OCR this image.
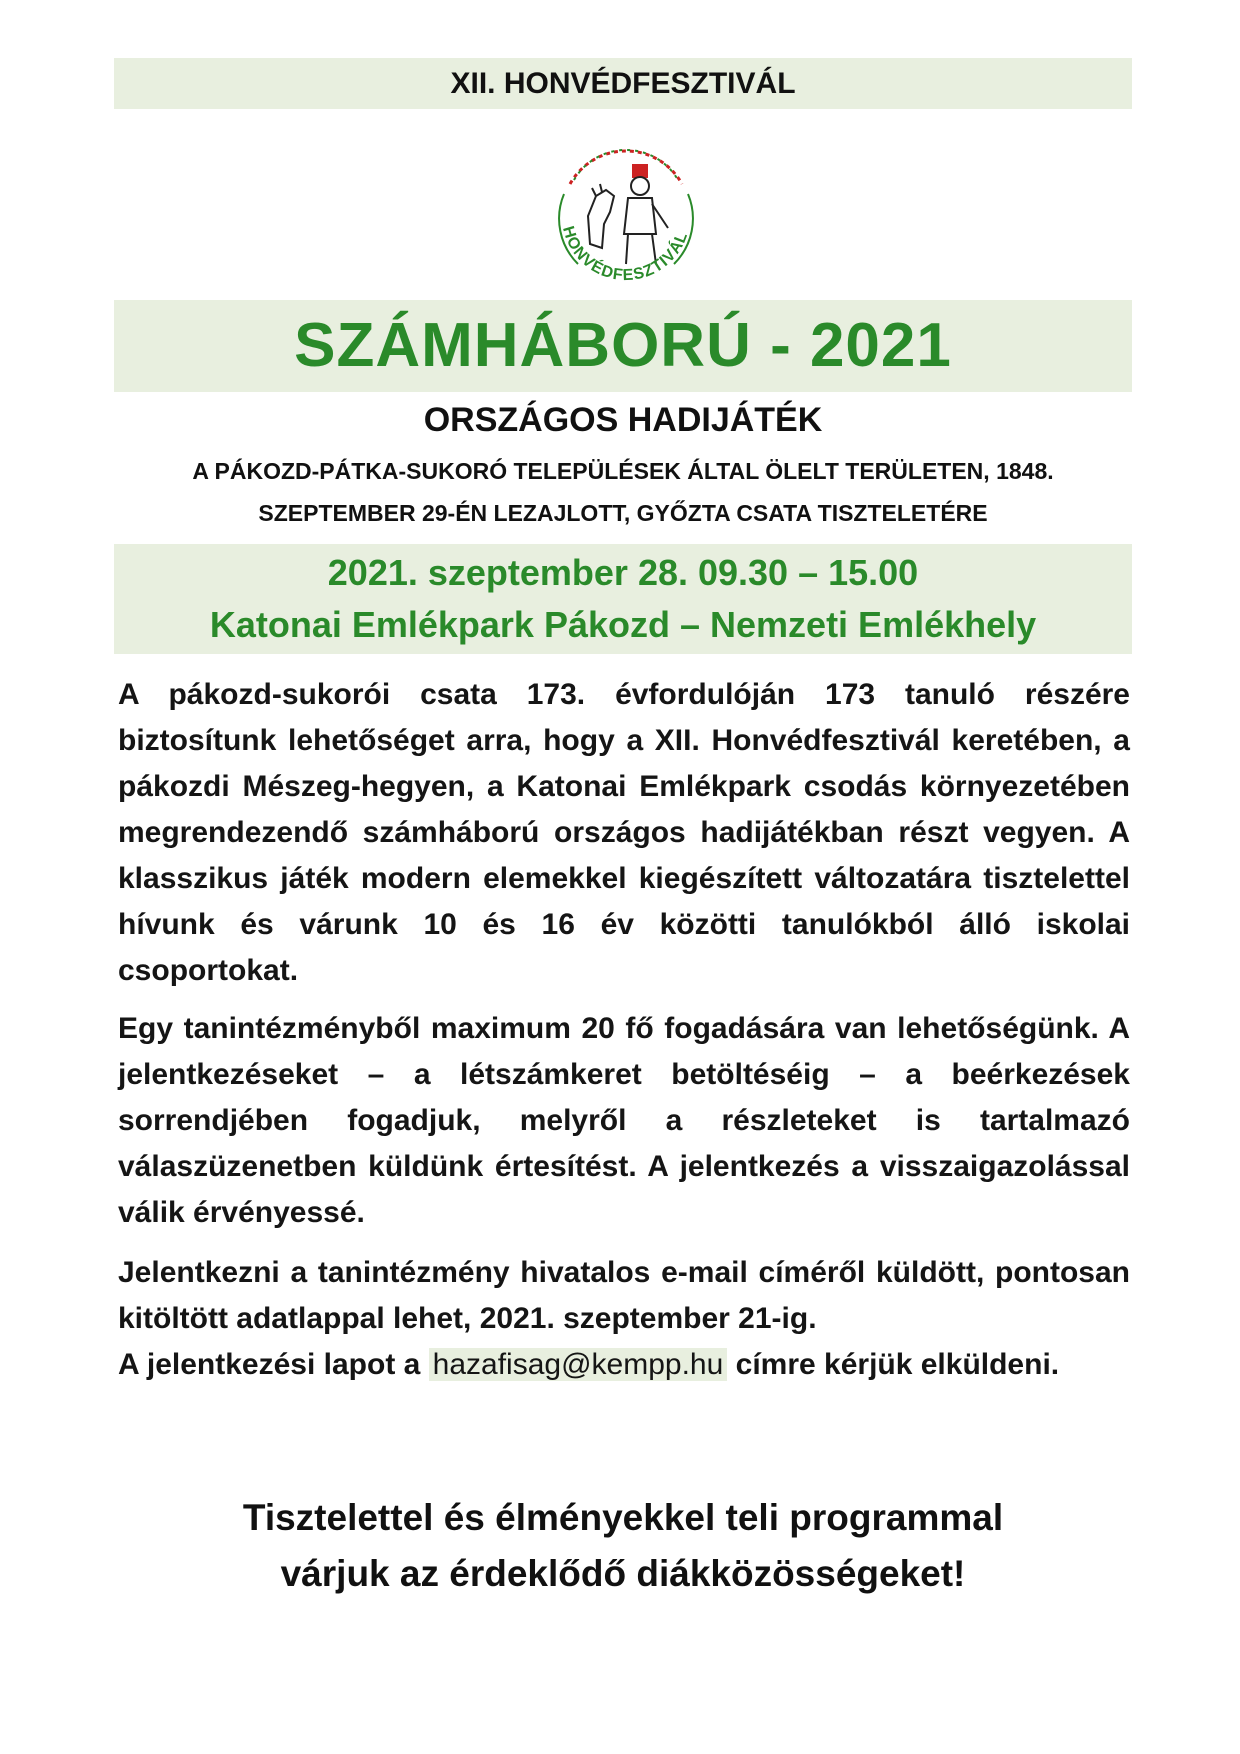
XII. HONVÉDFESZTIVÁL
HONVÉDFESZTIVÁL
SZÁMHÁBORÚ - 2021
ORSZÁGOS HADIJÁTÉK
A PÁKOZD-PÁTKA-SUKORÓ TELEPÜLÉSEK ÁLTAL ÖLELT TERÜLETEN, 1848.
SZEPTEMBER 29-ÉN LEZAJLOTT, GYŐZTA CSATA TISZTELETÉRE
2021. szeptember 28. 09.30 – 15.00
Katonai Emlékpark Pákozd – Nemzeti Emlékhely
A pákozd-sukorói csata 173. évfordulóján 173 tanuló részére biztosítunk lehetőséget arra, hogy a XII. Honvédfesztivál keretében, a pákozdi Mészeg-hegyen, a Katonai Emlékpark csodás környezetében megrendezendő számháború országos hadijátékban részt vegyen. A klasszikus játék modern elemekkel kiegészített változatára tisztelettel hívunk és várunk 10 és 16 év közötti tanulókból álló iskolai csoportokat.
Egy tanintézményből maximum 20 fő fogadására van lehetőségünk. A jelentkezéseket – a létszámkeret betöltéséig – a beérkezések sorrendjében fogadjuk, melyről a részleteket is tartalmazó válaszüzenetben küldünk értesítést. A jelentkezés a visszaigazolással válik érvényessé.
Jelentkezni a tanintézmény hivatalos e-mail címéről küldött, pontosan kitöltött adatlappal lehet, 2021. szeptember 21-ig.
A jelentkezési lapot a hazafisag@kempp.hu címre kérjük elküldeni.
Tisztelettel és élményekkel teli programmal
várjuk az érdeklődő diákközösségeket!
